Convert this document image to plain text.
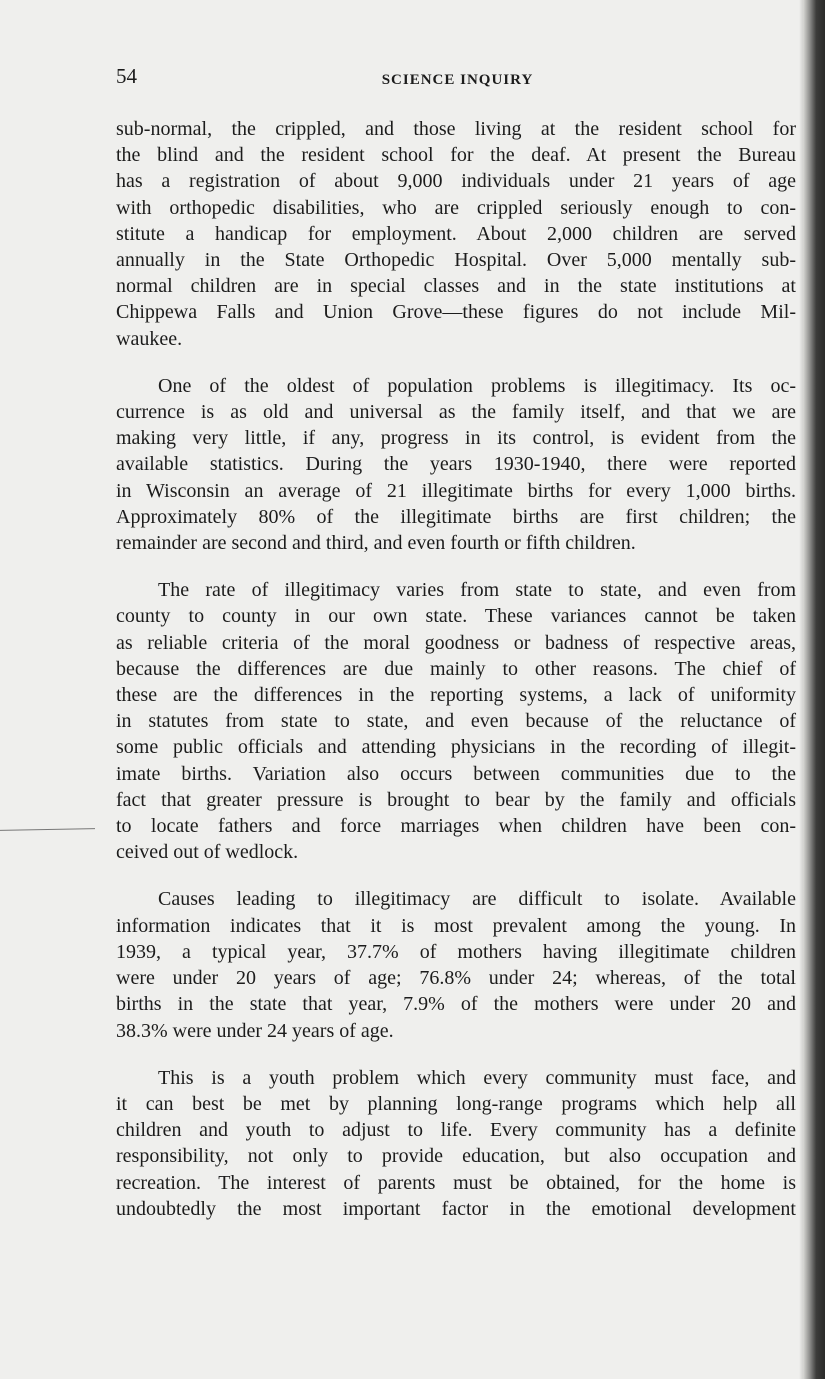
54	SCIENCE INQUIRY
sub-normal, the crippled, and those living at the resident school for
the blind and the resident school for the deaf. At present the Bureau
has a registration of about 9,000 individuals under 21 years of age
with orthopedic disabilities, who are crippled seriously enough to con-
stitute a handicap for employment. About 2,000 children are served
annually in the State Orthopedic Hospital. Over 5,000 mentally sub-
normal children are in special classes and in the state institutions at
Chippewa Falls and Union Grove—these figures do not include Mil-
waukee.
One of the oldest of population problems is illegitimacy. Its oc-
currence is as old and universal as the family itself, and that we are
making very little, if any, progress in its control, is evident from the
available statistics. During the years 1930-1940, there were reported
in Wisconsin an average of 21 illegitimate births for every 1,000 births.
Approximately 80% of the illegitimate births are first children; the
remainder are second and third, and even fourth or fifth children.
The rate of illegitimacy varies from state to state, and even from
county to county in our own state. These variances cannot be taken
as reliable criteria of the moral goodness or badness of respective areas,
because the differences are due mainly to other reasons. The chief of
these are the differences in the reporting systems, a lack of uniformity
in statutes from state to state, and even because of the reluctance of
some public officials and attending physicians in the recording of illegit-
imate births. Variation also occurs between communities due to the
fact that greater pressure is brought to bear by the family and officials
to locate fathers and force marriages when children have been con-
ceived out of wedlock.
Causes leading to illegitimacy are difficult to isolate. Available
information indicates that it is most prevalent among the young. In
1939, a typical year, 37.7% of mothers having illegitimate children
were under 20 years of age; 76.8% under 24; whereas, of the total
births in the state that year, 7.9% of the mothers were under 20 and
38.3% were under 24 years of age.
This is a youth problem which every community must face, and
it can best be met by planning long-range programs which help all
children and youth to adjust to life. Every community has a definite
responsibility, not only to provide education, but also occupation and
recreation. The interest of parents must be obtained, for the home is
undoubtedly the most important factor in the emotional development
